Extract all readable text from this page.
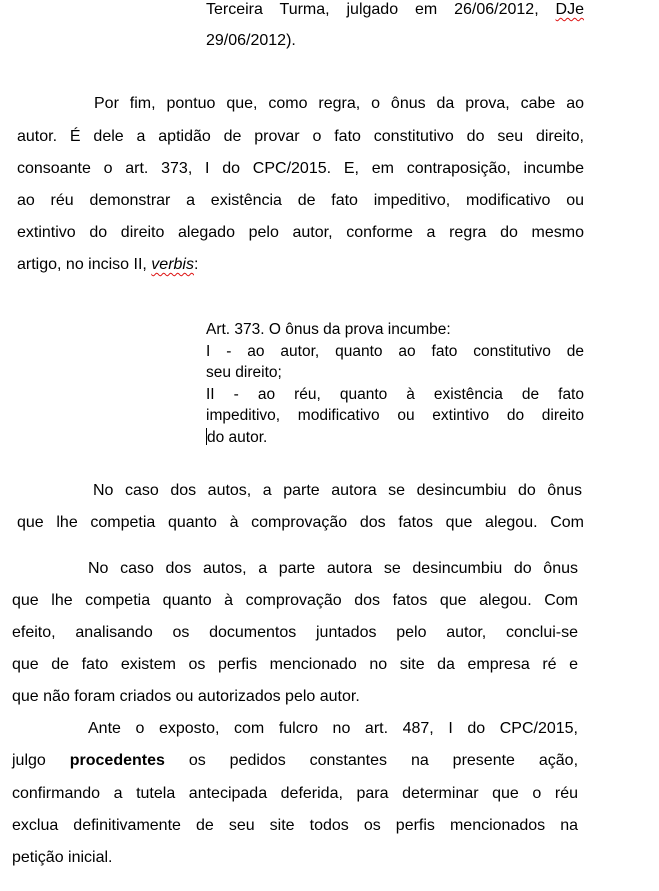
Terceira Turma, julgado em 26/06/2012, DJe
29/06/2012).
Por fim, pontuo que, como regra, o ônus da prova, cabe ao
autor. É dele a aptidão de provar o fato constitutivo do seu direito,
consoante o art. 373, I do CPC/2015. E, em contraposição, incumbe
ao réu demonstrar a existência de fato impeditivo, modificativo ou
extintivo do direito alegado pelo autor, conforme a regra do mesmo
artigo, no inciso II, verbis:
Art. 373. O ônus da prova incumbe:
I - ao autor, quanto ao fato constitutivo de
seu direito;
II - ao réu, quanto à existência de fato
impeditivo, modificativo ou extintivo do direito
do autor.
No caso dos autos, a parte autora se desincumbiu do ônus
que lhe competia quanto à comprovação dos fatos que alegou. Com
No caso dos autos, a parte autora se desincumbiu do ônus
que lhe competia quanto à comprovação dos fatos que alegou. Com
efeito, analisando os documentos juntados pelo autor, conclui-se
que de fato existem os perfis mencionado no site da empresa ré e
que não foram criados ou autorizados pelo autor.
Ante o exposto, com fulcro no art. 487, I do CPC/2015,
julgo procedentes os pedidos constantes na presente ação,
confirmando a tutela antecipada deferida, para determinar que o réu
exclua definitivamente de seu site todos os perfis mencionados na
petição inicial.
